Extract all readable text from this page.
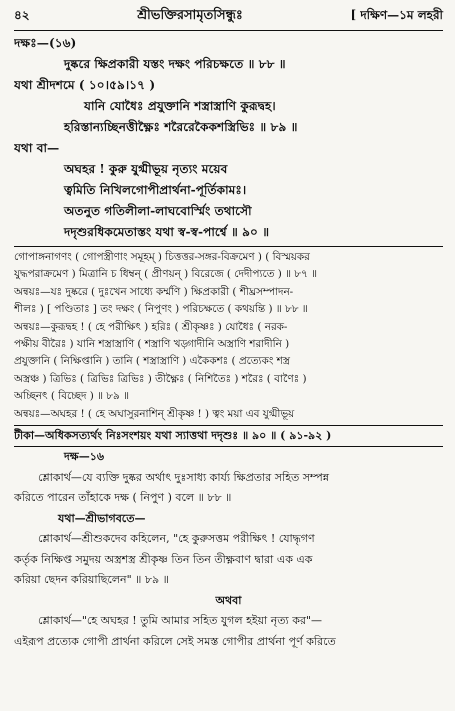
৪২	শ্রীভক্তিরসামৃতসিন্ধুঃ	[ দক্ষিণ—১ম লহরী
দক্ষঃ—(১৬)
দুষ্করে ক্ষিপ্রকারী যস্তং দক্ষং পরিচক্ষতে ॥ ৮৮ ॥
যথা শ্রীদশমে ( ১০।৫৯।১৭ )
যানি যোধৈঃ প্রযুক্তানি শস্ত্রাস্ত্রাণি কুরূদ্বহ।
হরিস্তান্যচ্ছিনত্তীক্ষ্ণৈঃ শরৈরেকৈকশস্ত্রিভিঃ ॥ ৮৯ ॥
যথা বা—
অঘহর ! কুরু যুগ্মীভূয় নৃত্যং ময়েব
ত্বমিতি নিখিলগোপীপ্রার্থনা-পূর্তিকামঃ।
অতনুত গতিলীলা-লাঘবোর্স্মিং তথাসৌ
দদৃশুরধিকমেতাস্তং যথা স্ব-স্ব-পার্শ্বে ॥ ৯০ ॥
গোপাঙ্গনাগণং ( গোপস্ত্রীণাং সমূহম্ ) চিত্তত্তর-সঙ্গর-বিক্রমেণ ) ( বিস্ময়কর
যুদ্ধপরাক্রমেণ ) মিত্রানি চ ধিম্বন্ ( প্রীণয়ন্ ) বিরেজে ( দেদীপ্যতে ) ॥ ৮৭ ॥
অন্বয়ঃ—যঃ দুষ্করে ( দুঃখেন সাধ্যে কর্ম্মণি ) ক্ষিপ্রকারী ( শীঘ্রসম্পাদন-
শীলঃ ) [ পণ্ডিতাঃ ] তং দক্ষং ( নিপুণং ) পরিচক্ষতে ( কথয়ন্তি ) ॥ ৮৮ ॥
অন্বয়ঃ—কুরূদ্বহ ! ( হে পরীক্ষিৎ ) হরিঃ ( শ্রীকৃষ্ণঃ ) যোধৈঃ ( নরক-
পক্ষীয় বীরৈঃ ) যানি শস্ত্রাস্ত্রাণি ( শস্ত্রাণি খড়্গাদীনি অস্ত্রাণি শরাদীনি )
প্রযুক্তানি ( নিক্ষিপ্তানি ) তানি ( শস্ত্রাস্ত্রাণি ) একৈকশঃ ( প্রত্যেকং শস্ত্র
অস্ত্রঞ্চ ) ত্রিভিঃ ( ত্রিভিঃ ত্রিভিঃ ) তীক্ষ্ণৈঃ ( নিশিতৈঃ ) শরৈঃ ( বাণৈঃ )
অচ্ছিনৎ ( বিচ্ছেদ ) ॥ ৮৯ ॥
অন্বয়ঃ—অঘহর ! ( হে অঘাসুরনাশিন্ শ্রীকৃষ্ণ ! ) ত্বং ময়া এব যুগ্মীভূয়
টীকা—অধিকসত্যর্থং নিঃসংশয়ং যথা স্যাত্তথা দদৃশুঃ ॥ ৯০ ॥ ( ৯১-৯২ )
দক্ষ—১৬
শ্লোকার্থ—যে ব্যক্তি দুষ্কর অর্থাৎ দুঃসাধ্য কার্য্য ক্ষিপ্রতার সহিত সম্পন্ন
করিতে পারেন তাঁহাকে দক্ষ ( নিপুণ ) বলে ॥ ৮৮ ॥
যথা—শ্রীভাগবতে—
শ্লোকার্থ—শ্রীশুকদেব কহিলেন, "হে কুরুসত্তম পরীক্ষিৎ ! যোদ্ধৃগণ
কর্তৃক নিক্ষিপ্ত সমুদয় অস্ত্রশস্ত্র শ্রীকৃষ্ণ তিন তিন তীক্ষ্ণবাণ দ্বারা এক এক
করিয়া ছেদন করিয়াছিলেন" ॥ ৮৯ ॥
অথবা
শ্লোকার্থ—"হে অঘহর ! তুমি আমার সহিত যুগল হইয়া নৃত্য কর"—
এইরূপ প্রত্যেক গোপী প্রার্থনা করিলে সেই সমস্ত গোপীর প্রার্থনা পূর্ণ করিতে
